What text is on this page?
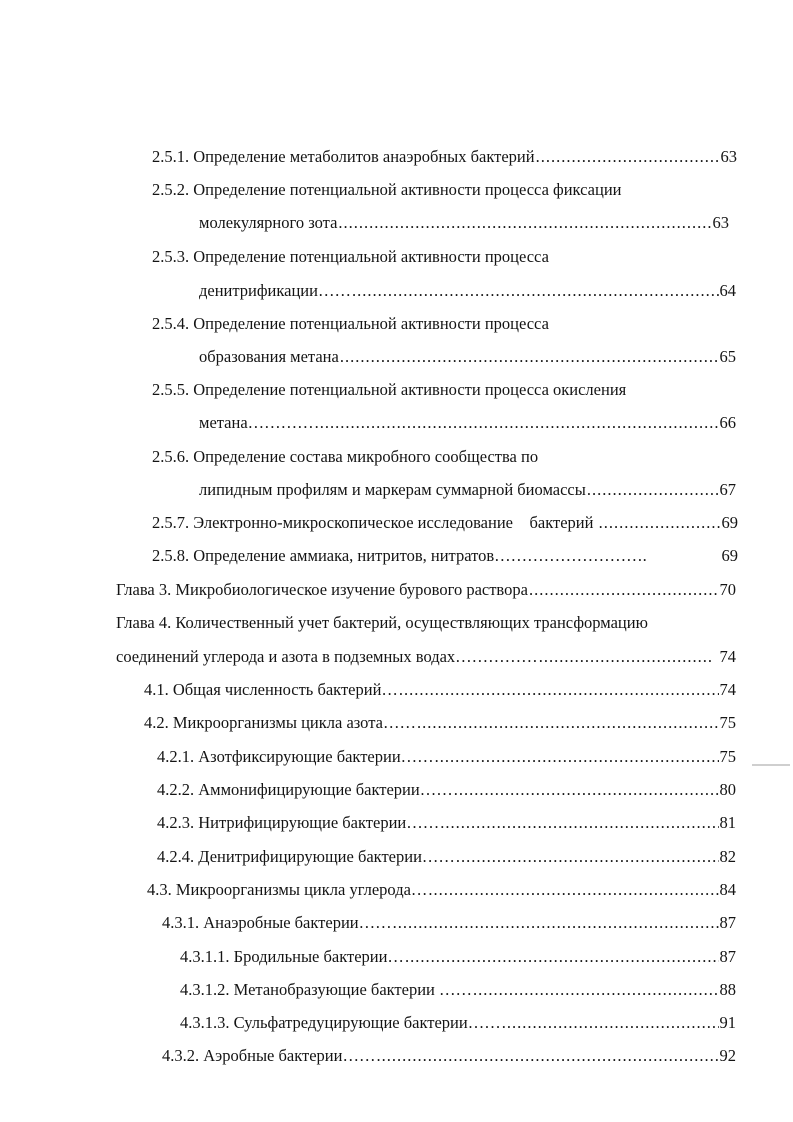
2.5.1. Определение метаболитов анаэробных бактерий .....	63
2.5.2. Определение потенциальной активности процесса фиксации
молекулярного зота .....	63
2.5.3. Определение потенциальной активности процесса
денитрификации…… .....	64
2.5.4. Определение потенциальной активности процесса
образования метана .....	65
2.5.5. Определение потенциальной активности процесса окисления
метана………… .....	66
2.5.6. Определение состава микробного сообщества по
липидным профилям и маркерам суммарной биомассы .....	67
2.5.7. Электронно-микроскопическое исследование    бактерий .....	69
2.5.8. Определение аммиака, нитритов, нитратов……………………….	69
Глава 3. Микробиологическое изучение бурового раствора .....	70
Глава 4. Количественный учет бактерий, осуществляющих трансформацию
соединений углерода и азота в подземных водах…………… .....	74
4.1. Общая численность бактерий… .....	74
4.2. Микроорганизмы цикла азота…… .....	75
4.2.1. Азотфиксирующие бактерии…… .....	75
4.2.2. Аммонифицирующие бактерии…… .....	80
4.2.3. Нитрифицирующие бактерии…… .....	81
4.2.4. Денитрифицирующие бактерии…… .....	82
4.3. Микроорганизмы цикла углерода… .....	84
4.3.1. Анаэробные бактерии…… .....	87
4.3.1.1. Бродильные бактерии… .....	87
4.3.1.2. Метанобразующие бактерии …… .....	88
4.3.1.3. Сульфатредуцирующие бактерии…… .....	91
4.3.2. Аэробные бактерии…… .....	92
